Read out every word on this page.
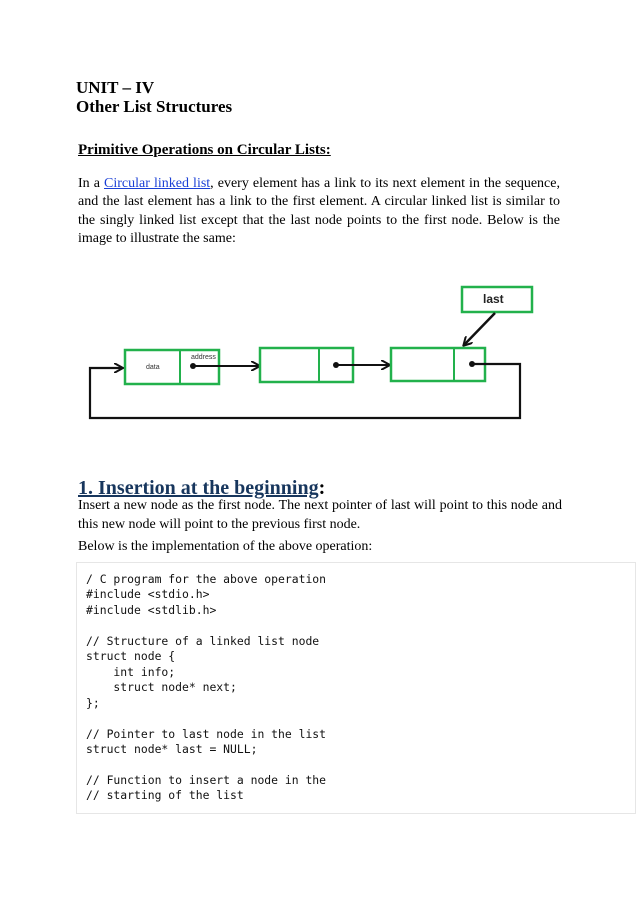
UNIT – IV
Other List Structures
Primitive Operations on Circular Lists:
In a Circular linked list, every element has a link to its next element in the sequence, and the last element has a link to the first element. A circular linked list is similar to the singly linked list except that the last node points to the first node. Below is the image to illustrate the same:
last
data
address
1. Insertion at the beginning:
Insert a new node as the first node. The next pointer of last will point to this node and this new node will point to the previous first node.
Below is the implementation of the above operation:
/ C program for the above operation
#include <stdio.h>
#include <stdlib.h>

// Structure of a linked list node
struct node {
int info;
struct node* next;
};

// Pointer to last node in the list
struct node* last = NULL;

// Function to insert a node in the
// starting of the list
